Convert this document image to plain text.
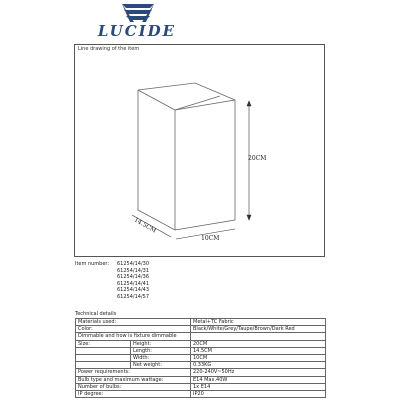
LUCIDE
Line drawing of the item
20CM
10CM
14.5CM
Item number:	61254/14/30
61254/14/31
61254/14/36
61254/14/41
61254/14/43
61254/14/57
Technical details
Materials used:		Metal+TC Fabric
Color:		Black/White/Grey/Taupe/Brown/Dark Red
Dimmable and how is fixture dimmable		
Size:	Height:	20CM
	Length:	14.5CM
	Width:	10CM
	Net weight:	0.33KG
Power requirements:		220-240V~50Hz
Bulb type and maximum wattage:		E14 Max.40W
Number of bulbs:		1x E14
IP degree:		IP20
